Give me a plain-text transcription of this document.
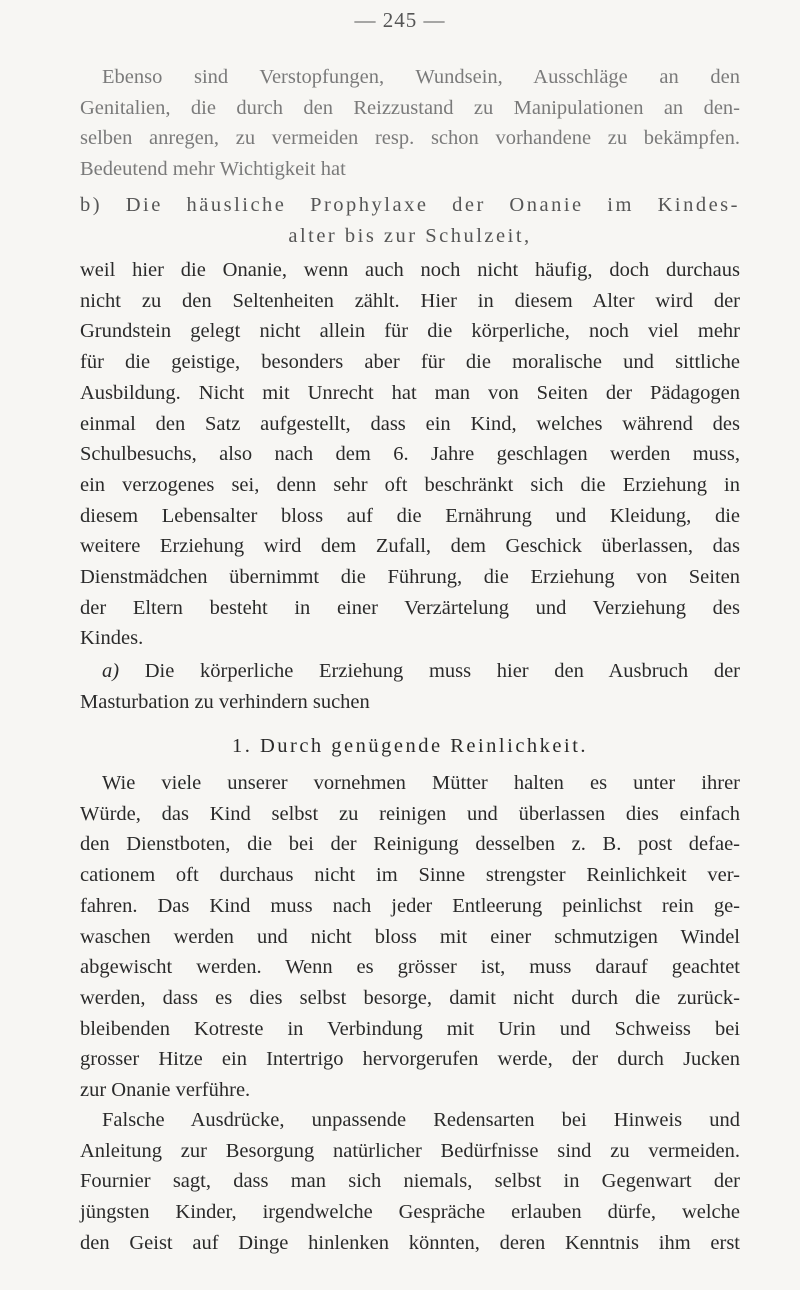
— 245 —
Ebenso sind Verstopfungen, Wundsein, Ausschläge an den
Genitalien, die durch den Reizzustand zu Manipulationen an den-
selben anregen, zu vermeiden resp. schon vorhandene zu bekämpfen.
Bedeutend mehr Wichtigkeit hat
b) Die häusliche Prophylaxe der Onanie im Kindes-
alter bis zur Schulzeit,
weil hier die Onanie, wenn auch noch nicht häufig, doch durchaus
nicht zu den Seltenheiten zählt. Hier in diesem Alter wird der
Grundstein gelegt nicht allein für die körperliche, noch viel mehr
für die geistige, besonders aber für die moralische und sittliche
Ausbildung. Nicht mit Unrecht hat man von Seiten der Pädagogen
einmal den Satz aufgestellt, dass ein Kind, welches während des
Schulbesuchs, also nach dem 6. Jahre geschlagen werden muss,
ein verzogenes sei, denn sehr oft beschränkt sich die Erziehung in
diesem Lebensalter bloss auf die Ernährung und Kleidung, die
weitere Erziehung wird dem Zufall, dem Geschick überlassen, das
Dienstmädchen übernimmt die Führung, die Erziehung von Seiten
der Eltern besteht in einer Verzärtelung und Verziehung des
Kindes.
a) Die körperliche Erziehung muss hier den Ausbruch der
Masturbation zu verhindern suchen
1. Durch genügende Reinlichkeit.
Wie viele unserer vornehmen Mütter halten es unter ihrer
Würde, das Kind selbst zu reinigen und überlassen dies einfach
den Dienstboten, die bei der Reinigung desselben z. B. post defae-
cationem oft durchaus nicht im Sinne strengster Reinlichkeit ver-
fahren. Das Kind muss nach jeder Entleerung peinlichst rein ge-
waschen werden und nicht bloss mit einer schmutzigen Windel
abgewischt werden. Wenn es grösser ist, muss darauf geachtet
werden, dass es dies selbst besorge, damit nicht durch die zurück-
bleibenden Kotreste in Verbindung mit Urin und Schweiss bei
grosser Hitze ein Intertrigo hervorgerufen werde, der durch Jucken
zur Onanie verführe.
Falsche Ausdrücke, unpassende Redensarten bei Hinweis und
Anleitung zur Besorgung natürlicher Bedürfnisse sind zu vermeiden.
Fournier sagt, dass man sich niemals, selbst in Gegenwart der
jüngsten Kinder, irgendwelche Gespräche erlauben dürfe, welche
den Geist auf Dinge hinlenken könnten, deren Kenntnis ihm erst
